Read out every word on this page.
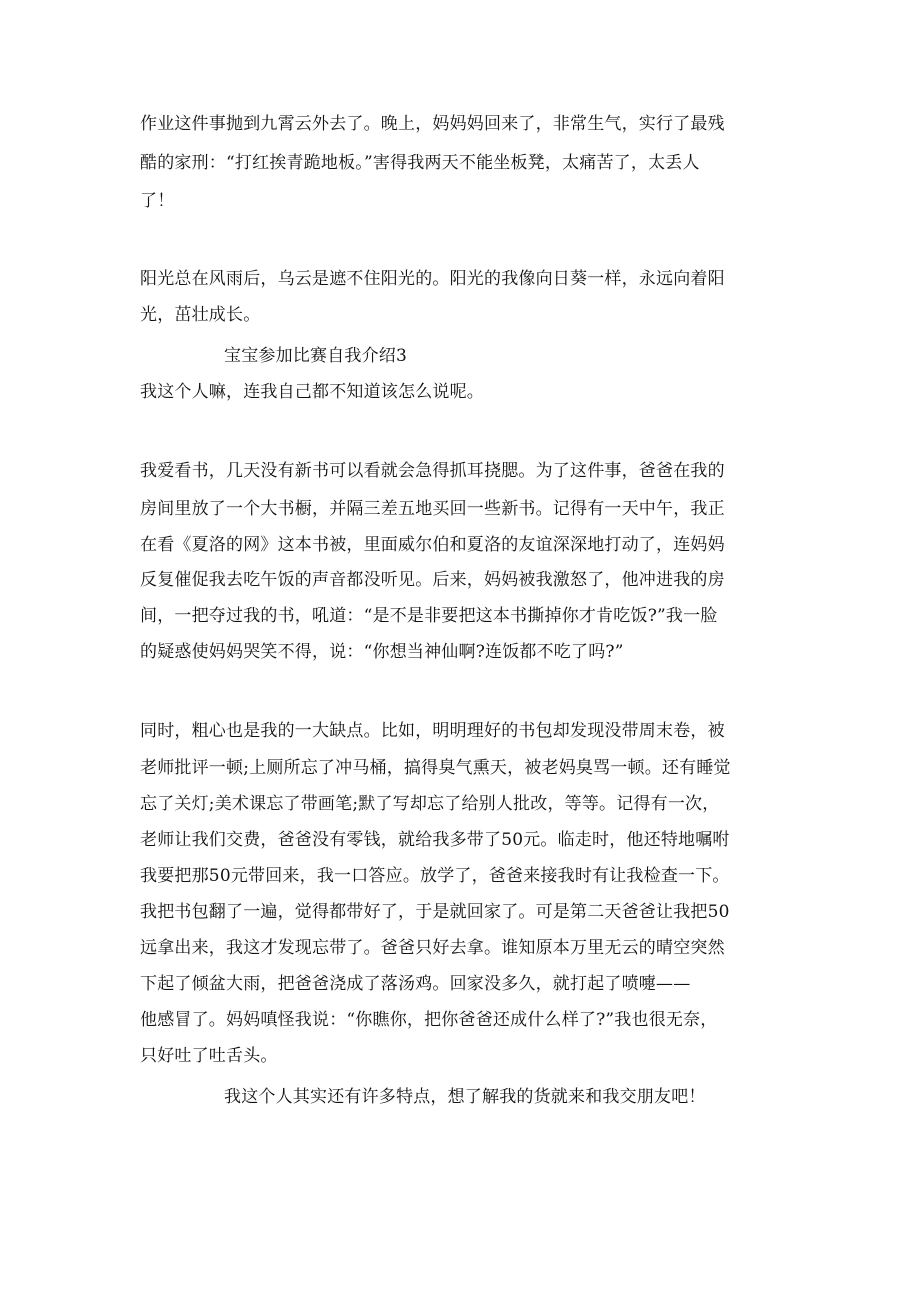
作业这件事抛到九霄云外去了。晚上，妈妈妈回来了，非常生气，实行了最残
酷的家刑：“打红挨青跪地板。”害得我两天不能坐板凳，太痛苦了，太丢人
了！
阳光总在风雨后，乌云是遮不住阳光的。阳光的我像向日葵一样，永远向着阳
光，茁壮成长。
宝宝参加比赛自我介绍3
我这个人嘛，连我自己都不知道该怎么说呢。
我爱看书，几天没有新书可以看就会急得抓耳挠腮。为了这件事，爸爸在我的
房间里放了一个大书橱，并隔三差五地买回一些新书。记得有一天中午，我正
在看《夏洛的网》这本书被，里面威尔伯和夏洛的友谊深深地打动了，连妈妈
反复催促我去吃午饭的声音都没听见。后来，妈妈被我激怒了，他冲进我的房
间，一把夺过我的书，吼道：“是不是非要把这本书撕掉你才肯吃饭?”我一脸
的疑惑使妈妈哭笑不得，说：“你想当神仙啊?连饭都不吃了吗?”
同时，粗心也是我的一大缺点。比如，明明理好的书包却发现没带周末卷，被
老师批评一顿;上厕所忘了冲马桶，搞得臭气熏天，被老妈臭骂一顿。还有睡觉
忘了关灯;美术课忘了带画笔;默了写却忘了给别人批改，等等。记得有一次，
老师让我们交费，爸爸没有零钱，就给我多带了50元。临走时，他还特地嘱咐
我要把那50元带回来，我一口答应。放学了，爸爸来接我时有让我检查一下。
我把书包翻了一遍，觉得都带好了，于是就回家了。可是第二天爸爸让我把50
远拿出来，我这才发现忘带了。爸爸只好去拿。谁知原本万里无云的晴空突然
下起了倾盆大雨，把爸爸浇成了落汤鸡。回家没多久，就打起了喷嚏——
他感冒了。妈妈嗔怪我说：“你瞧你，把你爸爸还成什么样了?”我也很无奈，
只好吐了吐舌头。
我这个人其实还有许多特点，想了解我的货就来和我交朋友吧！
